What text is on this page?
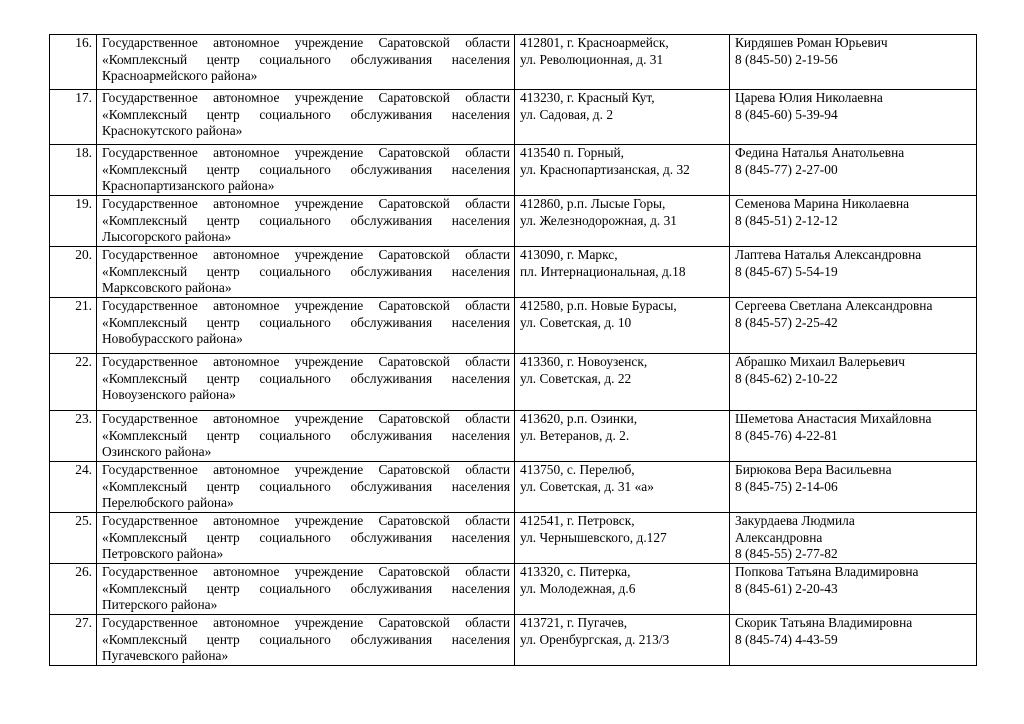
16.	Государственное автономное учреждение Саратовской области
«Комплексный центр социального обслуживания населения
Красноармейского района»	412801, г. Красноармейск,
ул. Революционная, д. 31	Кирдяшев Роман Юрьевич
8 (845-50) 2-19-56

17.	Государственное автономное учреждение Саратовской области
«Комплексный центр социального обслуживания населения
Краснокутского района»	413230, г. Красный Кут,
ул. Садовая, д. 2	Царева Юлия Николаевна
8 (845-60) 5-39-94

18.	Государственное автономное учреждение Саратовской области
«Комплексный центр социального обслуживания населения
Краснопартизанского района»	413540 п. Горный,
ул. Краснопартизанская, д. 32	Федина Наталья Анатольевна
8 (845-77) 2-27-00

19.	Государственное автономное учреждение Саратовской области
«Комплексный центр социального обслуживания населения
Лысогорского района»	412860, р.п. Лысые Горы,
ул. Железнодорожная, д. 31	Семенова Марина Николаевна
8 (845-51) 2-12-12

20.	Государственное автономное учреждение Саратовской области
«Комплексный центр социального обслуживания населения
Марксовского района»	413090, г. Маркс,
пл. Интернациональная, д.18	Лаптева Наталья Александровна
8 (845-67) 5-54-19

21.	Государственное автономное учреждение Саратовской области
«Комплексный центр социального обслуживания населения
Новобурасского района»	412580, р.п. Новые Бурасы,
ул. Советская, д. 10	Сергеева Светлана Александровна
8 (845-57) 2-25-42

22.	Государственное автономное учреждение Саратовской области
«Комплексный центр социального обслуживания населения
Новоузенского района»	413360, г. Новоузенск,
ул. Советская, д. 22	Абрашко Михаил Валерьевич
8 (845-62) 2-10-22

23.	Государственное автономное учреждение Саратовской области
«Комплексный центр социального обслуживания населения
Озинского района»	413620, р.п. Озинки,
ул. Ветеранов, д. 2.	Шеметова Анастасия Михайловна
8 (845-76) 4-22-81

24.	Государственное автономное учреждение Саратовской области
«Комплексный центр социального обслуживания населения
Перелюбского района»	413750, с. Перелюб,
ул. Советская, д. 31 «а»	Бирюкова Вера Васильевна
8 (845-75) 2-14-06

25.	Государственное автономное учреждение Саратовской области
«Комплексный центр социального обслуживания населения
Петровского района»	412541, г. Петровск,
ул. Чернышевского, д.127	Закурдаева Людмила
Александровна
8 (845-55) 2-77-82

26.	Государственное автономное учреждение Саратовской области
«Комплексный центр социального обслуживания населения
Питерского района»	413320, с. Питерка,
ул. Молодежная, д.6	Попкова Татьяна Владимировна
8 (845-61) 2-20-43

27.	Государственное автономное учреждение Саратовской области
«Комплексный центр социального обслуживания населения
Пугачевского района»	413721, г. Пугачев,
ул. Оренбургская, д. 213/3	Скорик Татьяна Владимировна
8 (845-74) 4-43-59
